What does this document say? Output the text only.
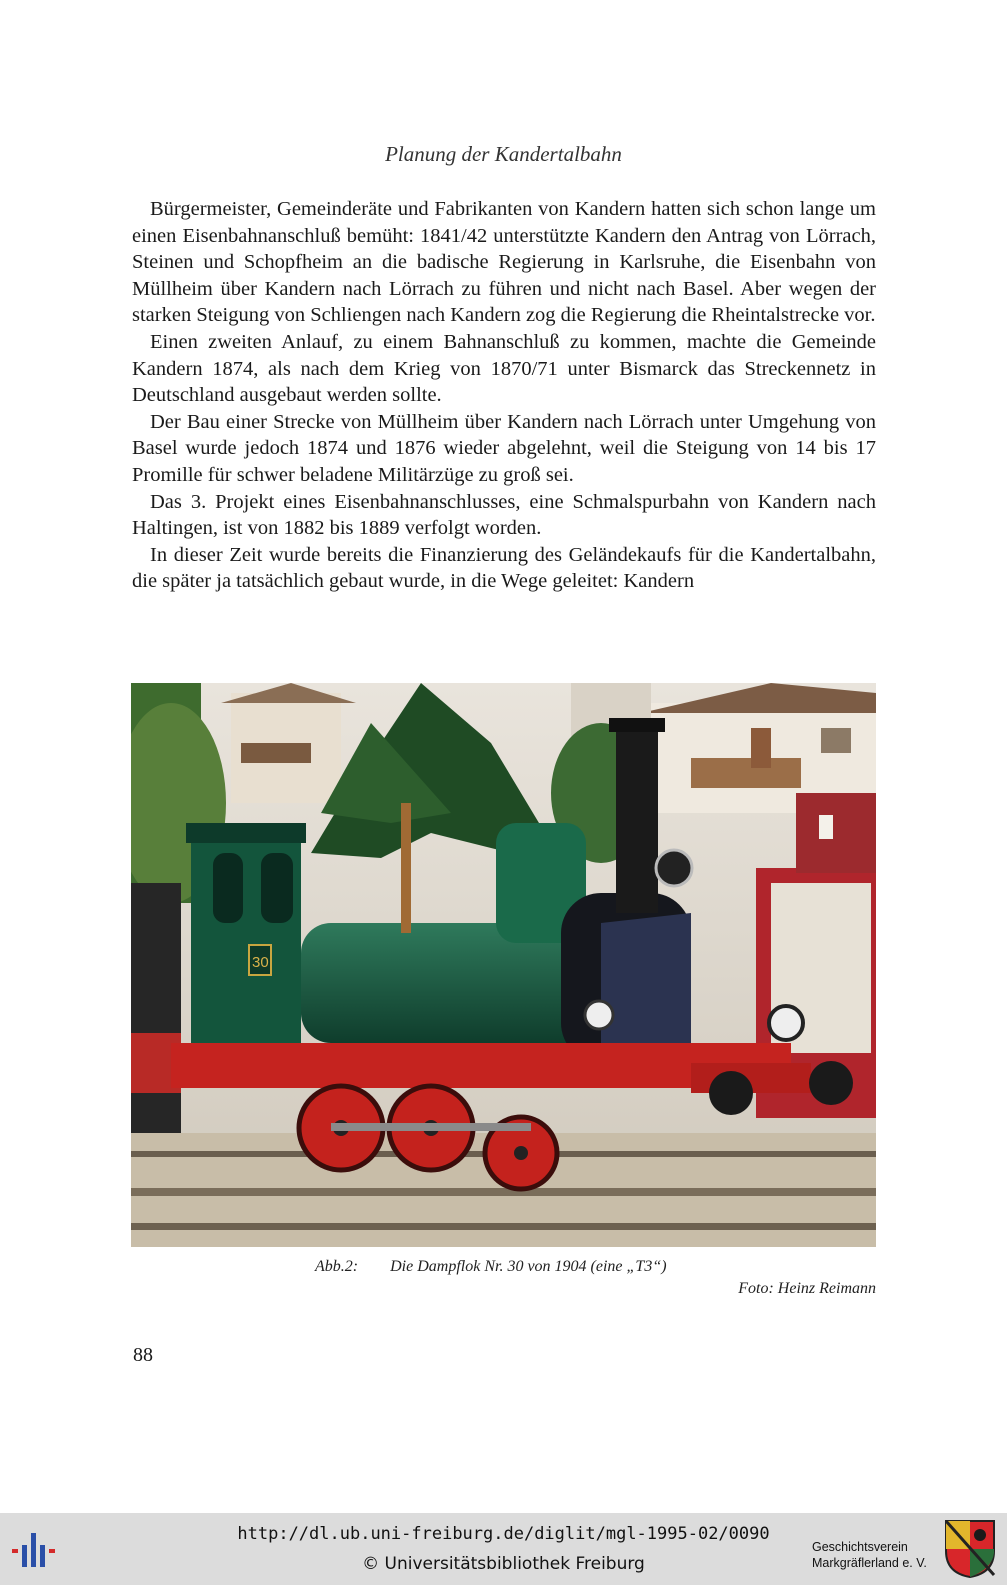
Planung der Kandertalbahn

Bürgermeister, Gemeinderäte und Fabrikanten von Kandern hatten sich schon lange um einen Eisenbahnanschluß bemüht: 1841/42 unterstützte Kandern den Antrag von Lörrach, Steinen und Schopfheim an die badische Regierung in Karlsruhe, die Eisenbahn von Müllheim über Kandern nach Lörrach zu führen und nicht nach Basel. Aber wegen der starken Steigung von Schliengen nach Kandern zog die Regierung die Rheintalstrecke vor.

Einen zweiten Anlauf, zu einem Bahnanschluß zu kommen, machte die Gemeinde Kandern 1874, als nach dem Krieg von 1870/71 unter Bismarck das Streckennetz in Deutschland ausgebaut werden sollte.

Der Bau einer Strecke von Müllheim über Kandern nach Lörrach unter Umgehung von Basel wurde jedoch 1874 und 1876 wieder abgelehnt, weil die Steigung von 14 bis 17 Promille für schwer beladene Militärzüge zu groß sei.

Das 3. Projekt eines Eisenbahnanschlusses, eine Schmalspurbahn von Kandern nach Haltingen, ist von 1882 bis 1889 verfolgt worden.

In dieser Zeit wurde bereits die Finanzierung des Geländekaufs für die Kandertalbahn, die später ja tatsächlich gebaut wurde, in die Wege geleitet: Kandern

30
Abb.2: Die Dampflok Nr. 30 von 1904 (eine „T3“)
Foto: Heinz Reimann
88
http://dl.ub.uni-freiburg.de/diglit/mgl-1995-02/0090
© Universitätsbibliothek Freiburg
Geschichtsverein
Markgräflerland e. V.
